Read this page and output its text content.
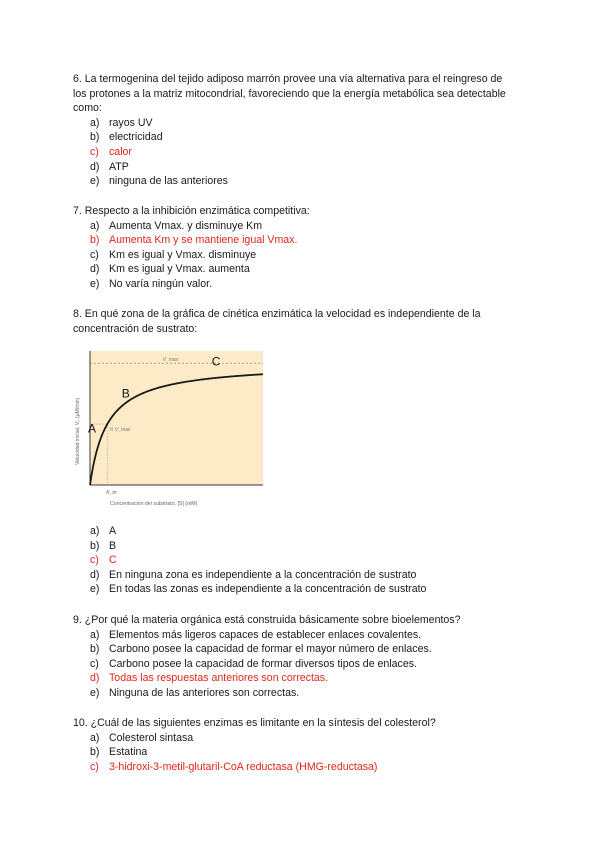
6. La termogenina del tejido adiposo marrón provee una vía alternativa para el reingreso de
los protones a la matriz mitocondrial, favoreciendo que la energía metabólica sea detectable
como:
a) rayos UV
b) electricidad
c) calor
d) ATP
e) ninguna de las anteriores
7. Respecto a la inhibición enzimática competitiva:
a) Aumenta Vmax. y disminuye Km
b) Aumenta Km y se mantiene igual Vmax.
c) Km es igual y Vmax. disminuye
d) Km es igual y Vmax. aumenta
e) No varía ningún valor.
8. En qué zona de la gráfica de cinética enzimática la velocidad es independiente de la
concentración de sustrato:
a) A
b) B
c) C
d) En ninguna zona es independiente a la concentración de sustrato
e) En todas las zonas es independiente a la concentración de sustrato
9. ¿Por qué la materia orgánica está construida básicamente sobre bioelementos?
a) Elementos más ligeros capaces de establecer enlaces covalentes.
b) Carbono posee la capacidad de formar el mayor número de enlaces.
c) Carbono posee la capacidad de formar diversos tipos de enlaces.
d) Todas las respuestas anteriores son correctas.
e) Ninguna de las anteriores son correctas.
10. ¿Cuál de las siguientes enzimas es limitante en la síntesis del colesterol?
a) Colesterol sintasa
b) Estatina
c) 3-hidroxi-3-metil-glutaril-CoA reductasa (HMG-reductasa)
V_max
½ V_max
K_m
A
B
C
Concentración del substrato, [S] (mM)
Velocidad inicial, V₀ (μM/min)
